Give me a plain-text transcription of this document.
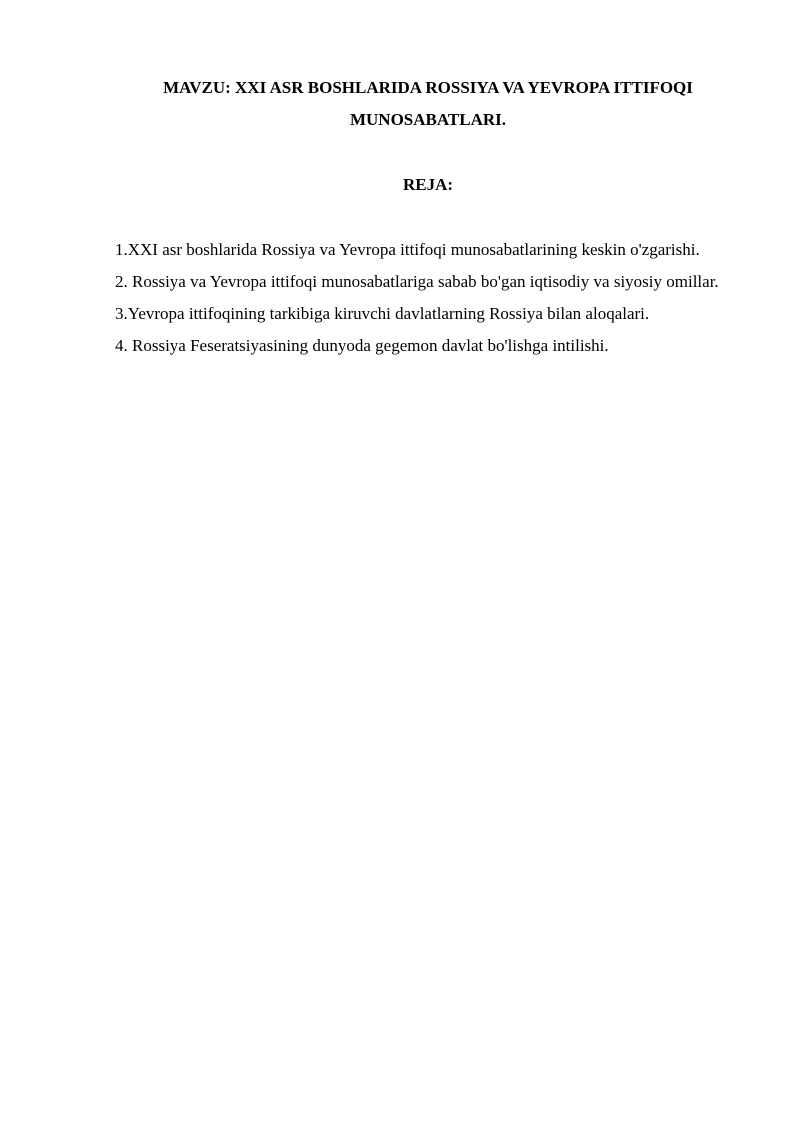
MAVZU: XXI ASR BOSHLARIDA ROSSIYA VA YEVROPA ITTIFOQI

MUNOSABATLARI.

REJA:

1.XXI asr boshlarida Rossiya va Yevropa ittifoqi munosabatlarining keskin o'zgarishi.
2. Rossiya va Yevropa ittifoqi munosabatlariga sabab bo'gan iqtisodiy va siyosiy omillar.
3.Yevropa ittifoqining tarkibiga kiruvchi davlatlarning Rossiya bilan aloqalari.
4. Rossiya Feseratsiyasining dunyoda gegemon davlat bo'lishga intilishi.
